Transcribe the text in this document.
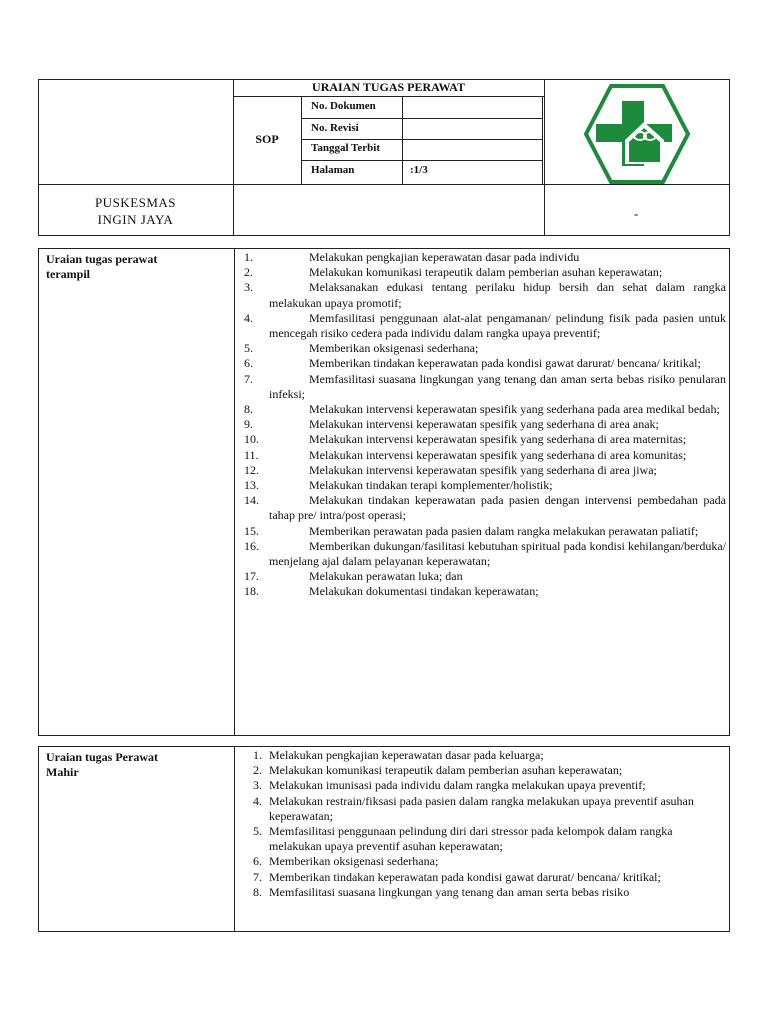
URAIAN TUGAS PERAWAT
SOP
No. Dokumen
No. Revisi
Tanggal Terbit
Halaman	:1/3
PUSKESMAS
INGIN JAYA	-
Uraian tugas perawat
terampil
1.	Melakukan pengkajian keperawatan dasar pada individu
2.	Melakukan komunikasi terapeutik dalam pemberian asuhan keperawatan;
3.	Melaksanakan edukasi tentang perilaku hidup bersih dan sehat dalam rangka melakukan upaya promotif;
4.	Memfasilitasi penggunaan alat-alat pengamanan/ pelindung fisik pada pasien untuk mencegah risiko cedera pada individu dalam rangka upaya preventif;
5.	Memberikan oksigenasi sederhana;
6.	Memberikan tindakan keperawatan pada kondisi gawat darurat/ bencana/ kritikal;
7.	Memfasilitasi suasana lingkungan yang tenang dan aman serta bebas risiko penularan infeksi;
8.	Melakukan intervensi keperawatan spesifik yang sederhana pada area medikal bedah;
9.	Melakukan intervensi keperawatan spesifik yang sederhana di area anak;
10.	Melakukan intervensi keperawatan spesifik yang sederhana di area maternitas;
11.	Melakukan intervensi keperawatan spesifik yang sederhana di area komunitas;
12.	Melakukan intervensi keperawatan spesifik yang sederhana di area jiwa;
13.	Melakukan tindakan terapi komplementer/holistik;
14.	Melakukan tindakan keperawatan pada pasien dengan intervensi pembedahan pada tahap pre/ intra/post operasi;
15.	Memberikan perawatan pada pasien dalam rangka melakukan perawatan paliatif;
16.	Memberikan dukungan/fasilitasi kebutuhan spiritual pada kondisi kehilangan/berduka/ menjelang ajal dalam pelayanan keperawatan;
17.	Melakukan perawatan luka; dan
18.	Melakukan dokumentasi tindakan keperawatan;
Uraian tugas Perawat
Mahir
1. Melakukan pengkajian keperawatan dasar pada keluarga;
2. Melakukan komunikasi terapeutik dalam pemberian asuhan keperawatan;
3. Melakukan imunisasi pada individu dalam rangka melakukan upaya preventif;
4. Melakukan restrain/fiksasi pada pasien dalam rangka melakukan upaya preventif asuhan keperawatan;
5. Memfasilitasi penggunaan pelindung diri dari stressor pada kelompok dalam rangka melakukan upaya preventif asuhan keperawatan;
6. Memberikan oksigenasi sederhana;
7. Memberikan tindakan keperawatan pada kondisi gawat darurat/ bencana/ kritikal;
8. Memfasilitasi suasana lingkungan yang tenang dan aman serta bebas risiko
